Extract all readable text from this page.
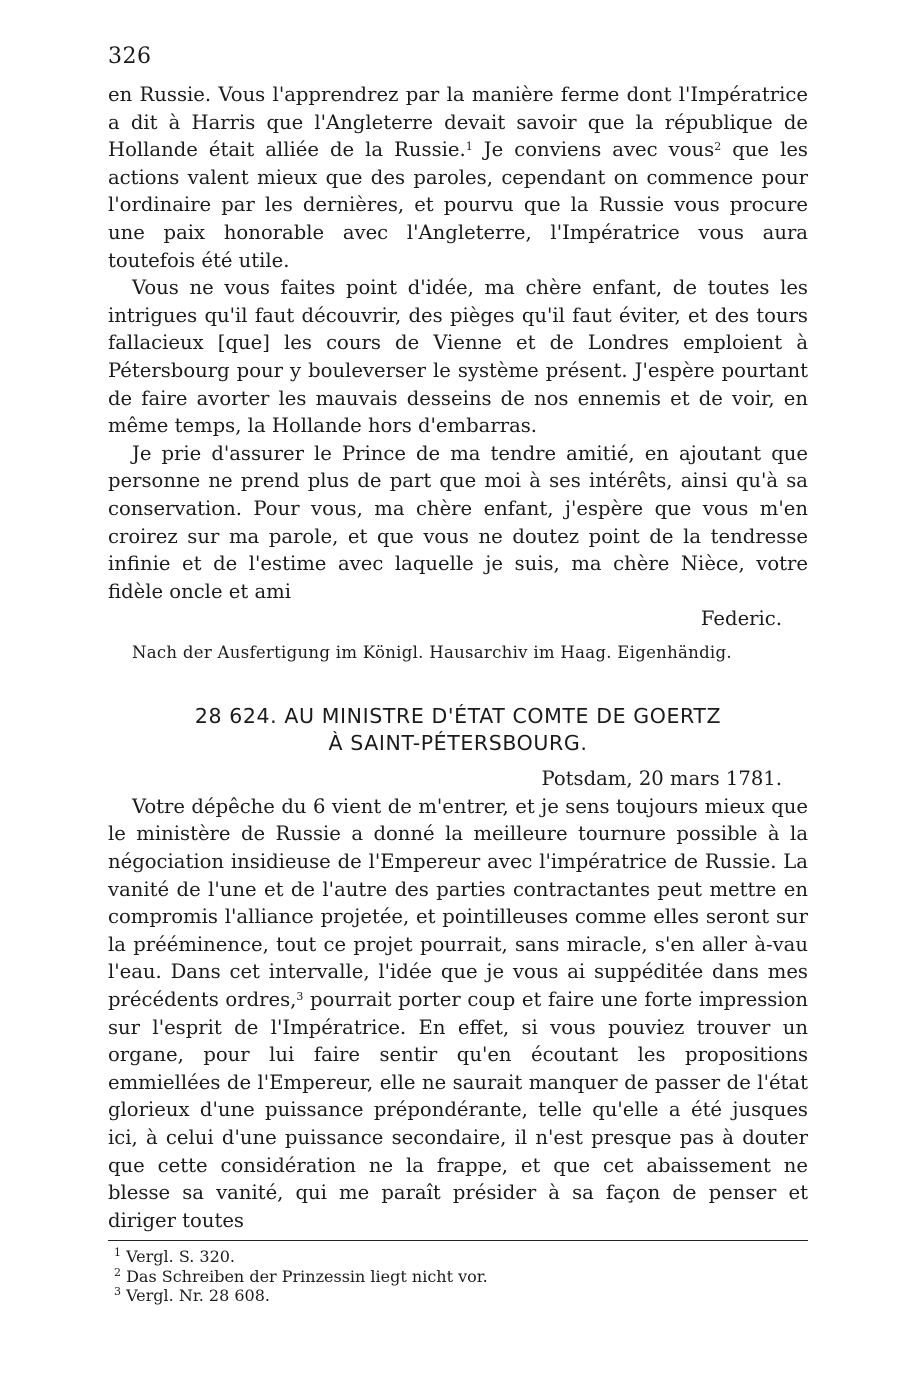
326

en Russie. Vous l'apprendrez par la manière ferme dont l'Impératrice a dit à Harris que l'Angleterre devait savoir que la république de Hollande était alliée de la Russie.$^1$ Je conviens avec vous$^2$ que les actions valent mieux que des paroles, cependant on commence pour l'ordinaire par les dernières, et pourvu que la Russie vous procure une paix honorable avec l'Angleterre, l'Impératrice vous aura toutefois été utile.

Vous ne vous faites point d'idée, ma chère enfant, de toutes les intrigues qu'il faut découvrir, des pièges qu'il faut éviter, et des tours fallacieux [que] les cours de Vienne et de Londres emploient à Pétersbourg pour y bouleverser le système présent. J'espère pourtant de faire avorter les mauvais desseins de nos ennemis et de voir, en même temps, la Hollande hors d'embarras.

Je prie d'assurer le Prince de ma tendre amitié, en ajoutant que personne ne prend plus de part que moi à ses intérêts, ainsi qu'à sa conservation. Pour vous, ma chère enfant, j'espère que vous m'en croirez sur ma parole, et que vous ne doutez point de la tendresse infinie et de l'estime avec laquelle je suis, ma chère Nièce, votre fidèle oncle et ami

Federic.

Nach der Ausfertigung im Königl. Hausarchiv im Haag. Eigenhändig.

28 624. AU MINISTRE D'ÉTAT COMTE DE GOERTZ
À SAINT-PÉTERSBOURG.

Potsdam, 20 mars 1781.

Votre dépêche du 6 vient de m'entrer, et je sens toujours mieux que le ministère de Russie a donné la meilleure tournure possible à la négociation insidieuse de l'Empereur avec l'impératrice de Russie. La vanité de l'une et de l'autre des parties contractantes peut mettre en compromis l'alliance projetée, et pointilleuses comme elles seront sur la prééminence, tout ce projet pourrait, sans miracle, s'en aller à-vau l'eau. Dans cet intervalle, l'idée que je vous ai suppéditée dans mes précédents ordres,$^3$ pourrait porter coup et faire une forte impression sur l'esprit de l'Impératrice. En effet, si vous pouviez trouver un organe, pour lui faire sentir qu'en écoutant les propositions emmiellées de l'Empereur, elle ne saurait manquer de passer de l'état glorieux d'une puissance prépondérante, telle qu'elle a été jusques ici, à celui d'une puissance secondaire, il n'est presque pas à douter que cette considération ne la frappe, et que cet abaissement ne blesse sa vanité, qui me paraît présider à sa façon de penser et diriger toutes

$^1$ Vergl. S. 320.
$^2$ Das Schreiben der Prinzessin liegt nicht vor.
$^3$ Vergl. Nr. 28 608.
